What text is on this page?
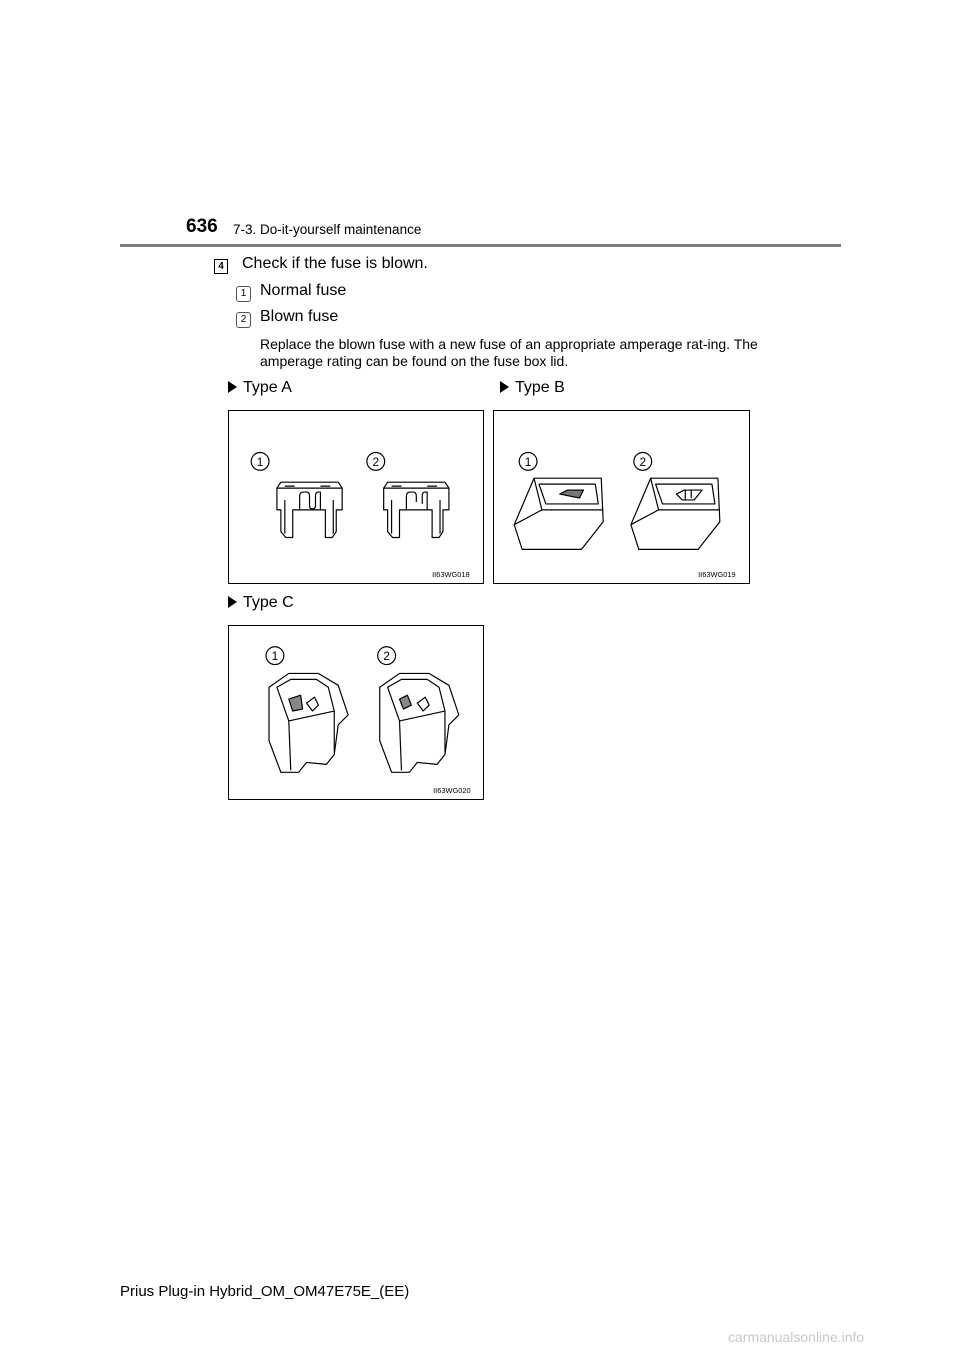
636 7-3. Do-it-yourself maintenance
4 Check if the fuse is blown.
1 Normal fuse
2 Blown fuse
Replace the blown fuse with a new fuse of an appropriate amperage rat-ing. The amperage rating can be found on the fuse box lid.
Type A	Type B
Type C
1	2
II63WG018
1	2
II63WG019
1	2
II63WG020
Prius Plug-in Hybrid_OM_OM47E75E_(EE)
carmanualsonline.info
